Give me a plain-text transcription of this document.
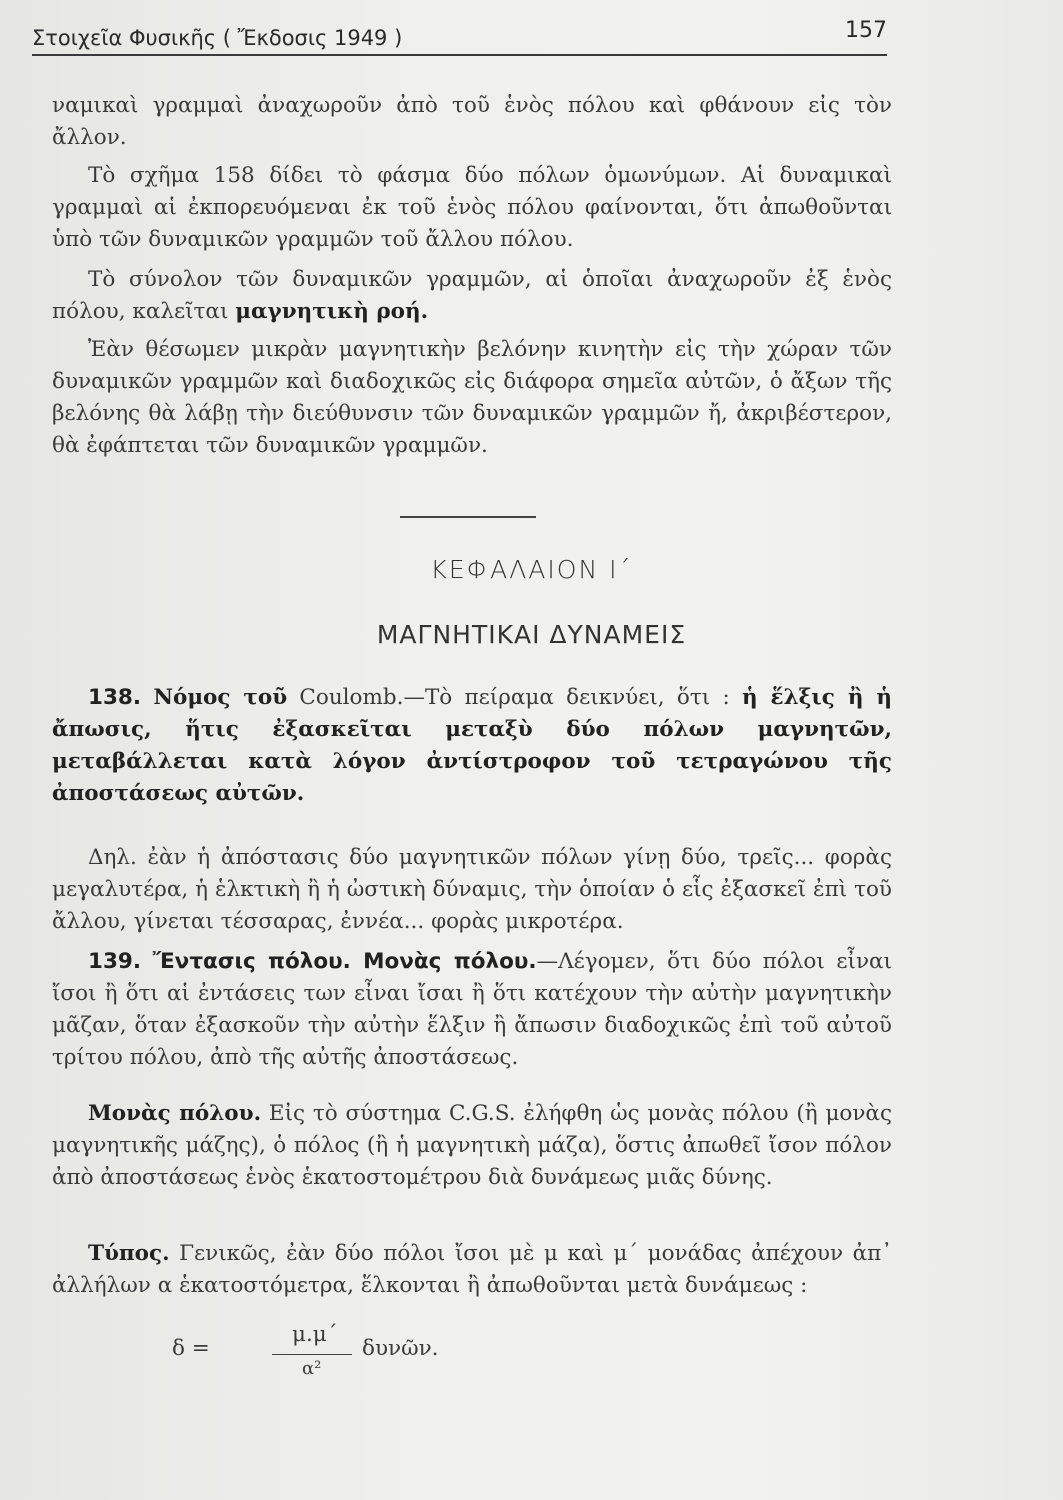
Στοιχεῖα Φυσικῆς ( Ἔκδοσις 1949 )	157
ναμικαὶ γραμμαὶ ἀναχωροῦν ἀπὸ τοῦ ἑνὸς πόλου καὶ φθάνουν εἰς τὸν ἄλλον.
Τὸ σχῆμα 158 δίδει τὸ φάσμα δύο πόλων ὁμωνύμων. Αἱ δυναμικαὶ γραμμαὶ αἱ ἐκπορευόμεναι ἐκ τοῦ ἑνὸς πόλου φαίνονται, ὅτι ἀπωθοῦνται ὑπὸ τῶν δυναμικῶν γραμμῶν τοῦ ἄλλου πόλου.
Τὸ σύνολον τῶν δυναμικῶν γραμμῶν, αἱ ὁποῖαι ἀναχωροῦν ἐξ ἑνὸς πόλου, καλεῖται μαγνητικὴ ροή.
Ἐὰν θέσωμεν μικρὰν μαγνητικὴν βελόνην κινητὴν εἰς τὴν χώραν τῶν δυναμικῶν γραμμῶν καὶ διαδοχικῶς εἰς διάφορα σημεῖα αὐτῶν, ὁ ἄξων τῆς βελόνης θὰ λάβῃ τὴν διεύθυνσιν τῶν δυναμικῶν γραμμῶν ἤ, ἀκριβέστερον, θὰ ἐφάπτεται τῶν δυναμικῶν γραμμῶν.
ΚΕΦΑΛΑΙΟΝ Ι΄
ΜΑΓΝΗΤΙΚΑΙ ΔΥΝΑΜΕΙΣ
138. Νόμος τοῦ Coulomb.—Τὸ πείραμα δεικνύει, ὅτι : ἡ ἕλξις ἢ ἡ ἄπωσις, ἥτις ἐξασκεῖται μεταξὺ δύο πόλων μαγνητῶν, μεταβάλλεται κατὰ λόγον ἀντίστροφον τοῦ τετραγώνου τῆς ἀποστάσεως αὐτῶν.
Δηλ. ἐὰν ἡ ἀπόστασις δύο μαγνητικῶν πόλων γίνῃ δύο, τρεῖς... φορὰς μεγαλυτέρα, ἡ ἑλκτικὴ ἢ ἡ ὠστικὴ δύναμις, τὴν ὁποίαν ὁ εἷς ἐξασκεῖ ἐπὶ τοῦ ἄλλου, γίνεται τέσσαρας, ἐννέα... φορὰς μικροτέρα.
139. Ἔντασις πόλου. Μονὰς πόλου.—Λέγομεν, ὅτι δύο πόλοι εἶναι ἴσοι ἢ ὅτι αἱ ἐντάσεις των εἶναι ἴσαι ἢ ὅτι κατέχουν τὴν αὐτὴν μαγνητικὴν μᾶζαν, ὅταν ἐξασκοῦν τὴν αὐτὴν ἕλξιν ἢ ἄπωσιν διαδοχικῶς ἐπὶ τοῦ αὐτοῦ τρίτου πόλου, ἀπὸ τῆς αὐτῆς ἀποστάσεως.
Μονὰς πόλου. Εἰς τὸ σύστημα C.G.S. ἐλήφθη ὡς μονὰς πόλου (ἢ μονὰς μαγνητικῆς μάζης), ὁ πόλος (ἢ ἡ μαγνητικὴ μάζα), ὅστις ἀπωθεῖ ἴσον πόλον ἀπὸ ἀποστάσεως ἑνὸς ἑκατοστομέτρου διὰ δυνάμεως μιᾶς δύνης.
Τύπος. Γενικῶς, ἐὰν δύο πόλοι ἴσοι μὲ μ καὶ μ΄ μονάδας ἀπέχουν ἀπ᾽ ἀλλήλων α ἑκατοστόμετρα, ἕλκονται ἢ ἀπωθοῦνται μετὰ δυνάμεως :
δ =
μ.μ΄
α²
δυνῶν.
